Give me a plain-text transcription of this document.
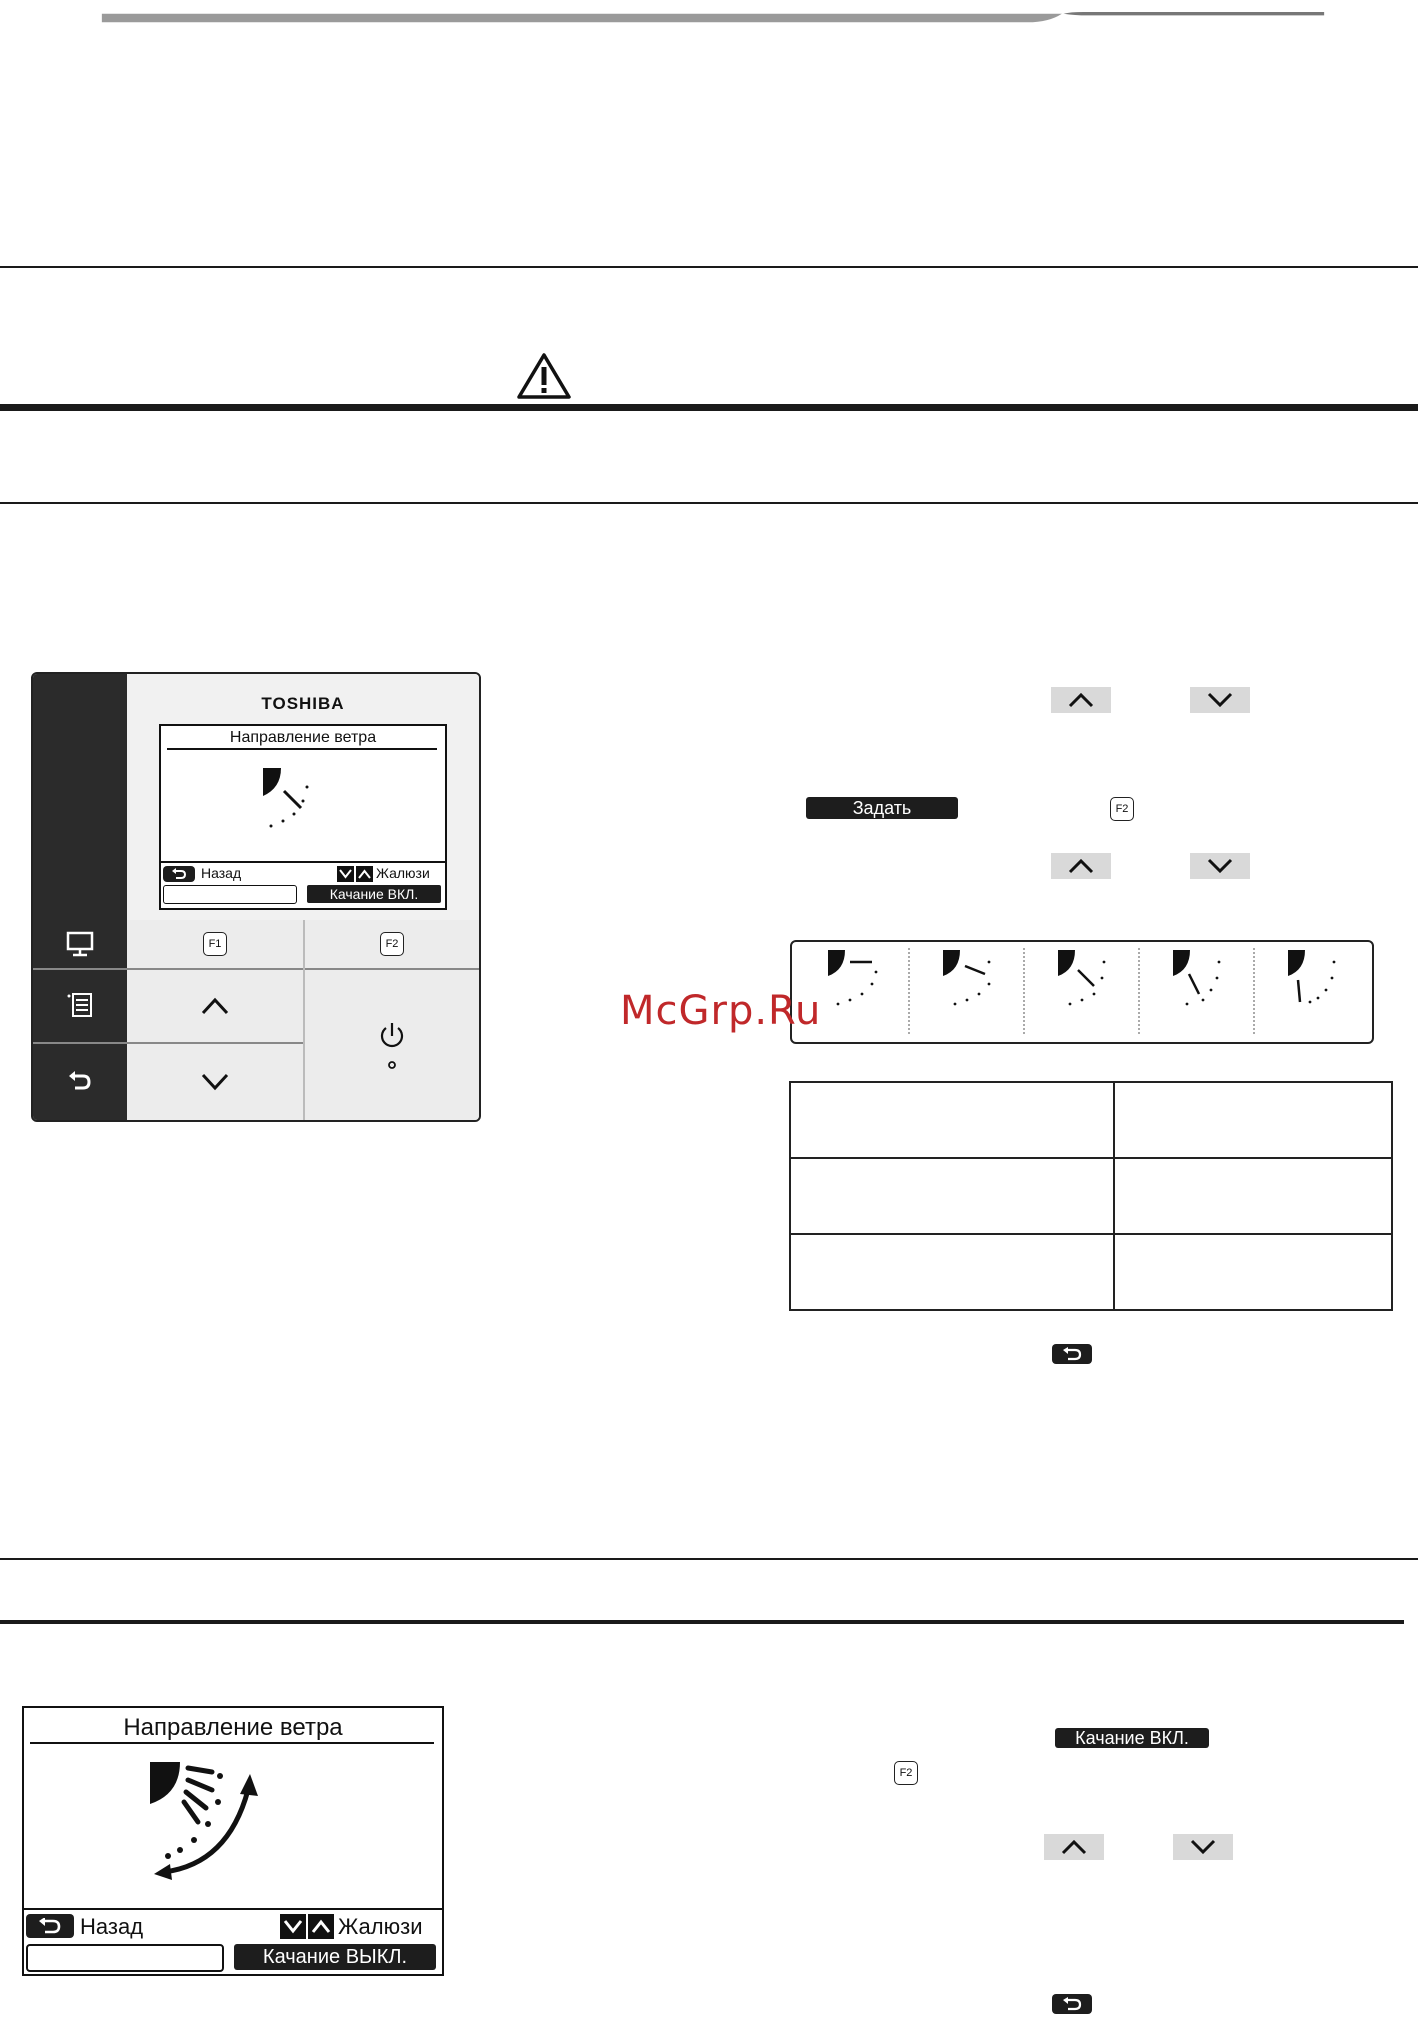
TOSHIBA
Направление ветра
Назад	Жалюзи
Качание ВКЛ.
F1	F2
Задать	F2
McGrp.Ru

Направление ветра
Назад	Жалюзи
Качание ВЫКЛ.
Качание ВКЛ.
F2
